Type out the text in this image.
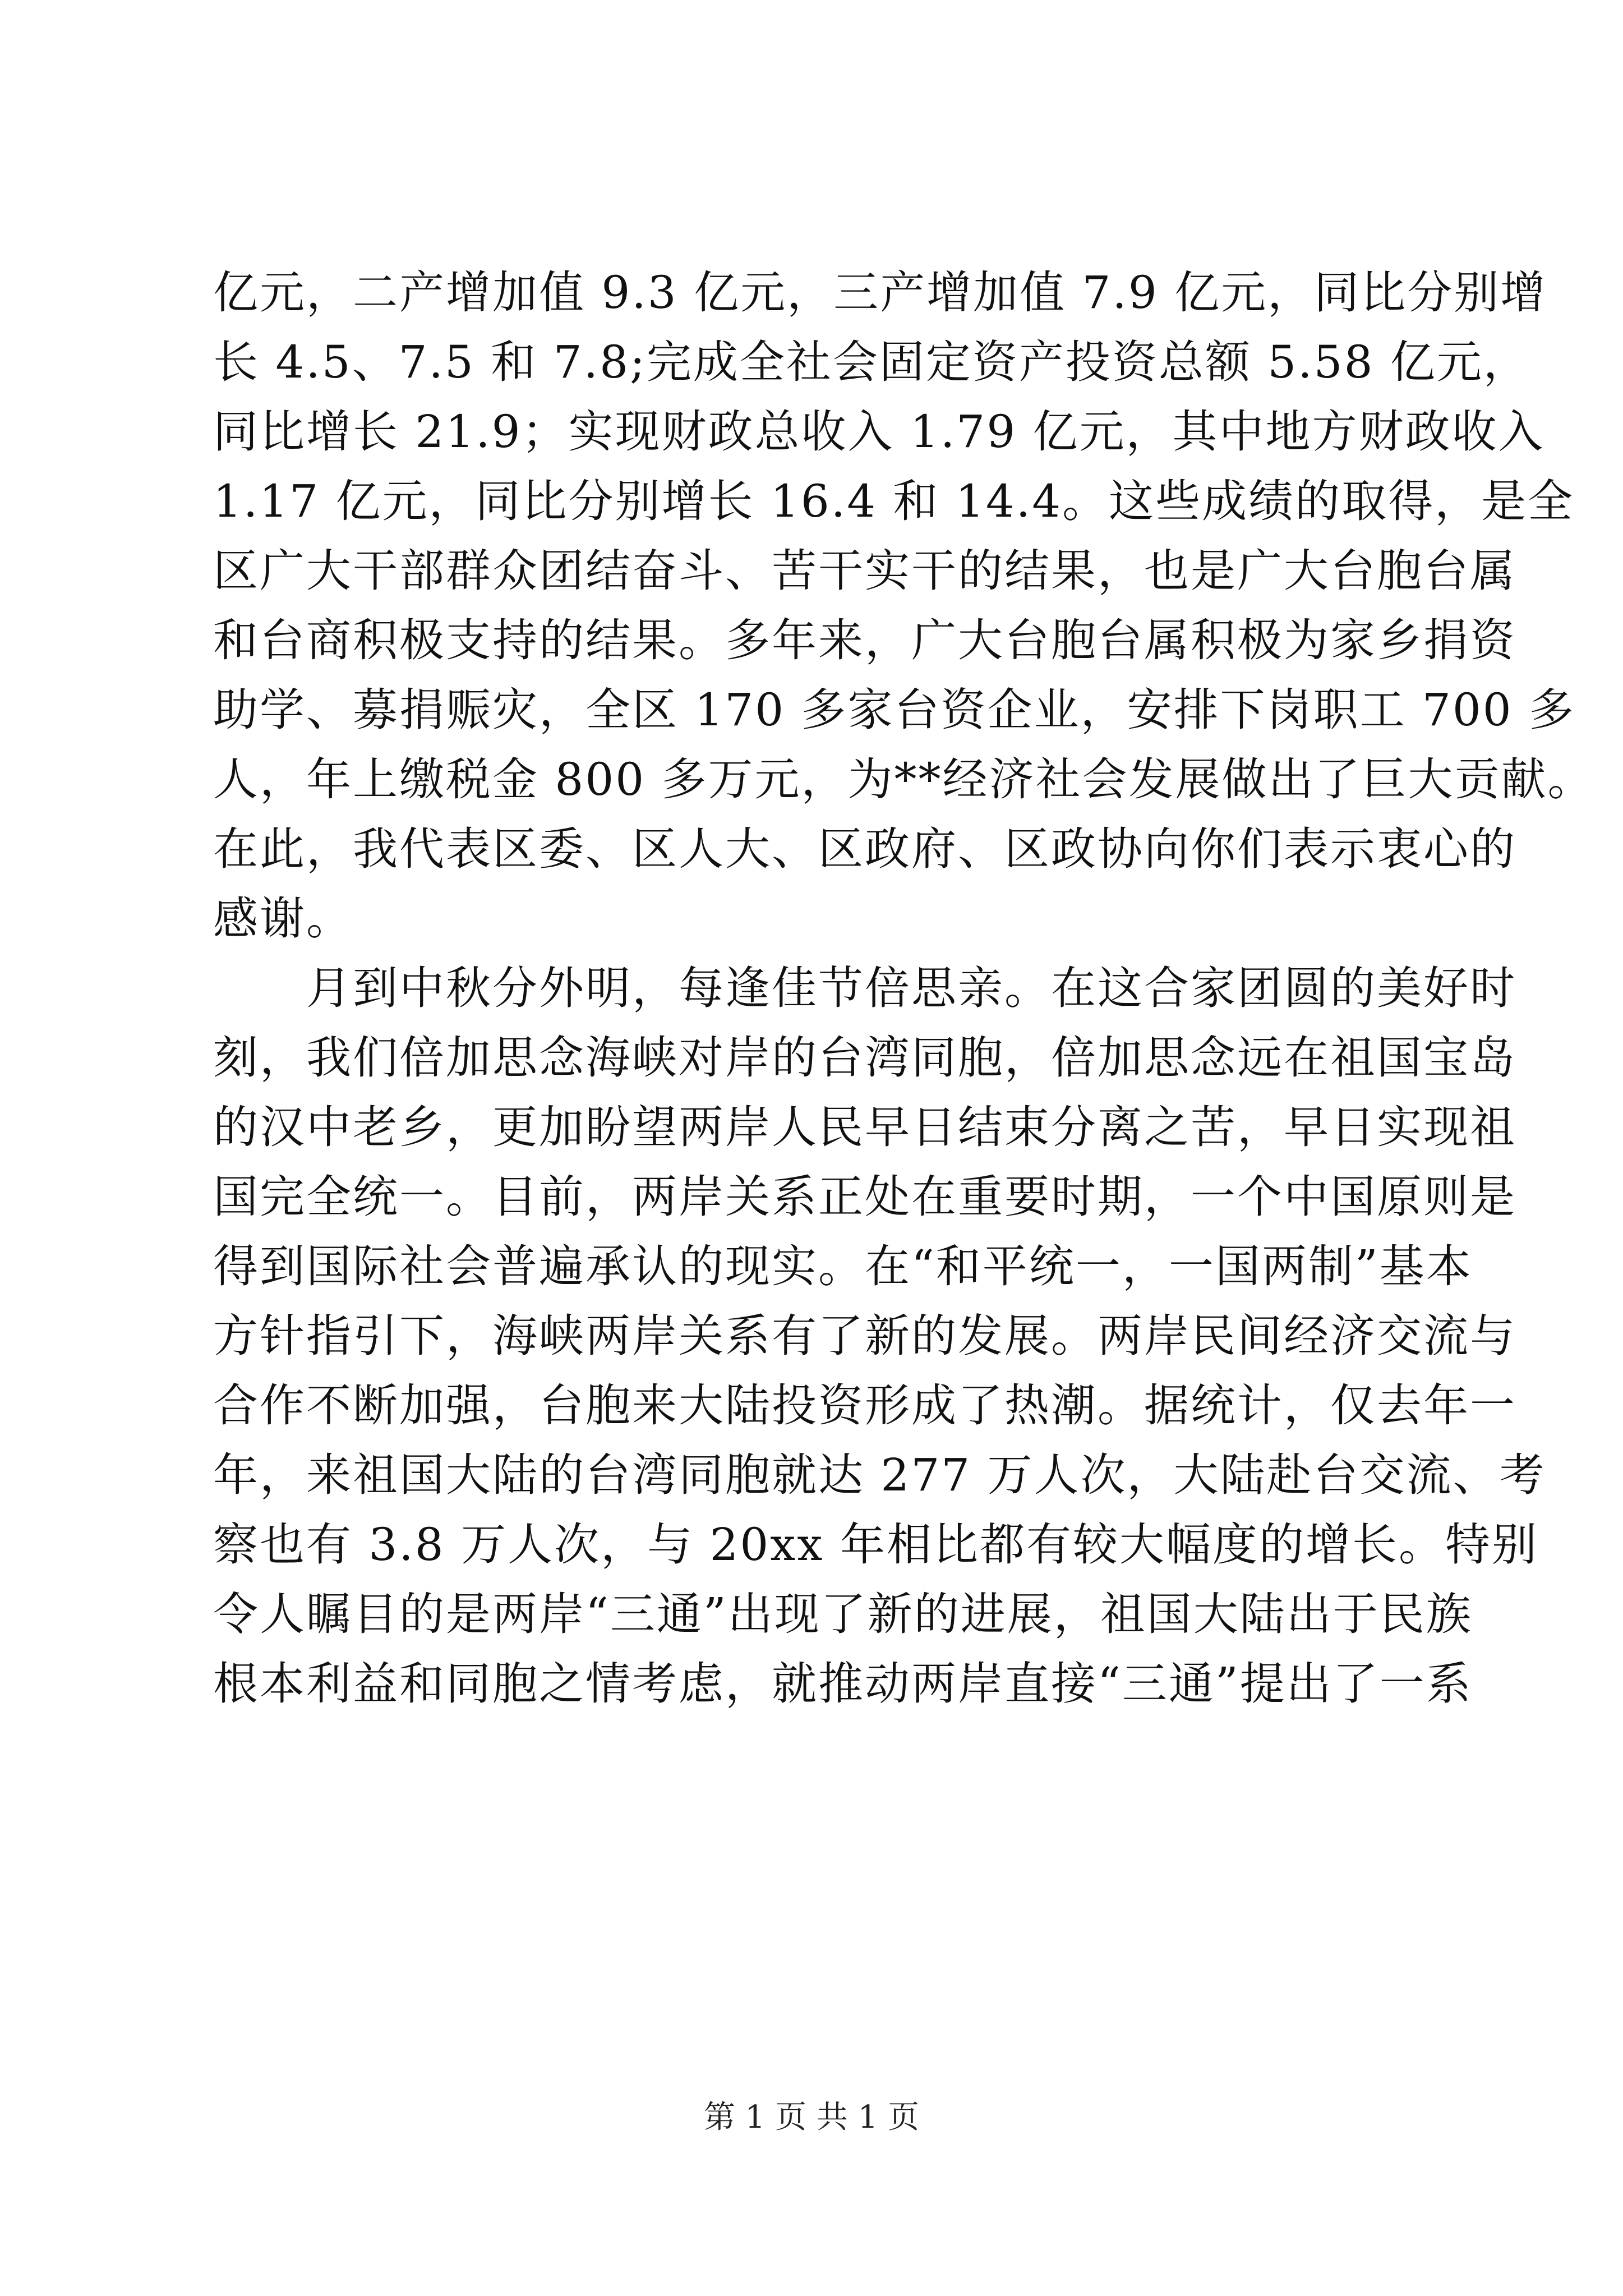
亿元，二产增加值 9.3 亿元，三产增加值 7.9 亿元，同比分别增
长 4.5、7.5 和 7.8;完成全社会固定资产投资总额 5.58 亿元，
同比增长 21.9；实现财政总收入 1.79 亿元，其中地方财政收入
1.17 亿元，同比分别增长 16.4 和 14.4。这些成绩的取得，是全
区广大干部群众团结奋斗、苦干实干的结果，也是广大台胞台属
和台商积极支持的结果。多年来，广大台胞台属积极为家乡捐资
助学、募捐赈灾，全区 170 多家台资企业，安排下岗职工 700 多
人，年上缴税金 800 多万元，为**经济社会发展做出了巨大贡献。
在此，我代表区委、区人大、区政府、区政协向你们表示衷心的
感谢。

月到中秋分外明，每逢佳节倍思亲。在这合家团圆的美好时
刻，我们倍加思念海峡对岸的台湾同胞，倍加思念远在祖国宝岛
的汉中老乡，更加盼望两岸人民早日结束分离之苦，早日实现祖
国完全统一。目前，两岸关系正处在重要时期，一个中国原则是
得到国际社会普遍承认的现实。在“和平统一，一国两制”基本
方针指引下，海峡两岸关系有了新的发展。两岸民间经济交流与
合作不断加强，台胞来大陆投资形成了热潮。据统计，仅去年一
年，来祖国大陆的台湾同胞就达 277 万人次，大陆赴台交流、考
察也有 3.8 万人次，与 20xx 年相比都有较大幅度的增长。特别
令人瞩目的是两岸“三通”出现了新的进展，祖国大陆出于民族
根本利益和同胞之情考虑，就推动两岸直接“三通”提出了一系

第 1 页 共 1 页
